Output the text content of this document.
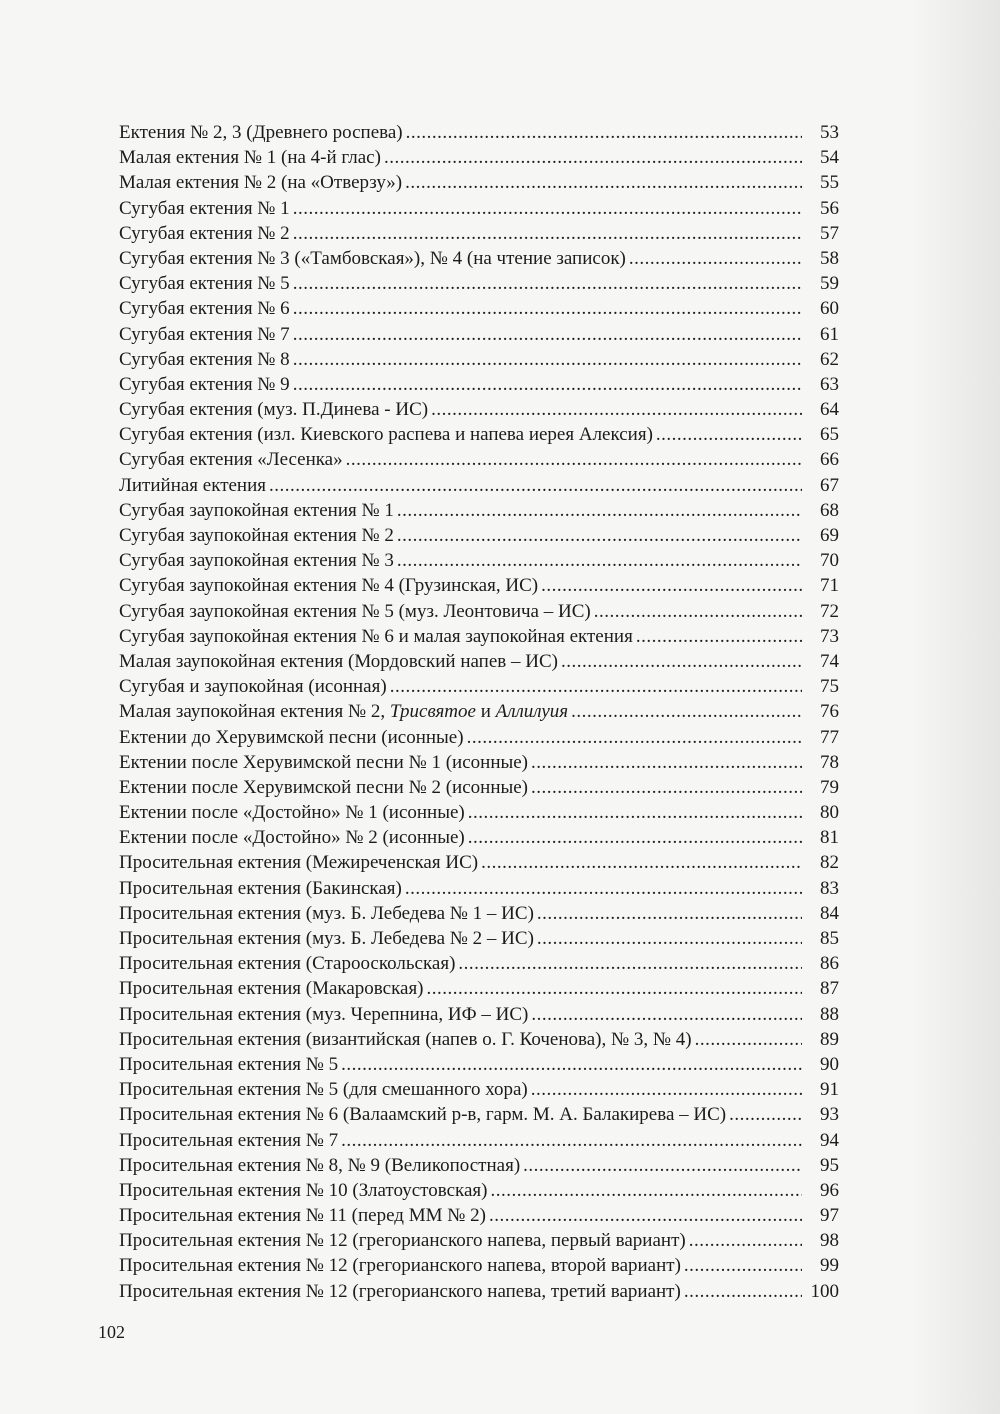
Ектения № 2, 3 (Древнего роспева) .....	53
Малая ектения № 1 (на 4-й глас) .....	54
Малая ектения № 2 (на «Отверзу») .....	55
Сугубая ектения № 1 .....	56
Сугубая ектения № 2 .....	57
Сугубая ектения № 3 («Тамбовская»), № 4 (на чтение записок) .....	58
Сугубая ектения № 5 .....	59
Сугубая ектения № 6 .....	60
Сугубая ектения № 7 .....	61
Сугубая ектения № 8 .....	62
Сугубая ектения № 9 .....	63
Сугубая ектения (муз. П.Динева - ИС) .....	64
Сугубая ектения (изл. Киевского распева и напева иерея Алексия) .....	65
Сугубая ектения «Лесенка» .....	66
Литийная ектения .....	67
Сугубая заупокойная ектения № 1 .....	68
Сугубая заупокойная ектения № 2 .....	69
Сугубая заупокойная ектения № 3 .....	70
Сугубая заупокойная ектения № 4 (Грузинская, ИС) .....	71
Сугубая заупокойная ектения № 5 (муз. Леонтовича – ИС) .....	72
Сугубая заупокойная ектения № 6 и малая заупокойная ектения .....	73
Малая заупокойная ектения (Мордовский напев – ИС) .....	74
Сугубая и заупокойная (исонная) .....	75
Малая заупокойная ектения № 2, Трисвятое и Аллилуия .....	76
Ектении до Херувимской песни (исонные) .....	77
Ектении после Херувимской песни № 1 (исонные) .....	78
Ектении после Херувимской песни № 2 (исонные) .....	79
Ектении после «Достойно» № 1 (исонные) .....	80
Ектении после «Достойно» № 2 (исонные) .....	81
Просительная ектения (Межиреченская ИС) .....	82
Просительная ектения (Бакинская) .....	83
Просительная ектения (муз. Б. Лебедева № 1 – ИС) .....	84
Просительная ектения (муз. Б. Лебедева № 2 – ИС) .....	85
Просительная ектения (Старооскольская) .....	86
Просительная ектения (Макаровская) .....	87
Просительная ектения (муз. Черепнина, ИФ – ИС) .....	88
Просительная ектения (византийская (напев о. Г. Коченова), № 3, № 4) .....	89
Просительная ектения № 5 .....	90
Просительная ектения № 5 (для смешанного хора) .....	91
Просительная ектения № 6 (Валаамский р-в, гарм. М. А. Балакирева – ИС) .....	93
Просительная ектения № 7 .....	94
Просительная ектения № 8, № 9 (Великопостная) .....	95
Просительная ектения № 10 (Златоустовская) .....	96
Просительная ектения № 11 (перед ММ № 2) .....	97
Просительная ектения № 12 (грегорианского напева, первый вариант) .....	98
Просительная ектения № 12 (грегорианского напева, второй вариант) .....	99
Просительная ектения № 12 (грегорианского напева, третий вариант) .....	100
102
